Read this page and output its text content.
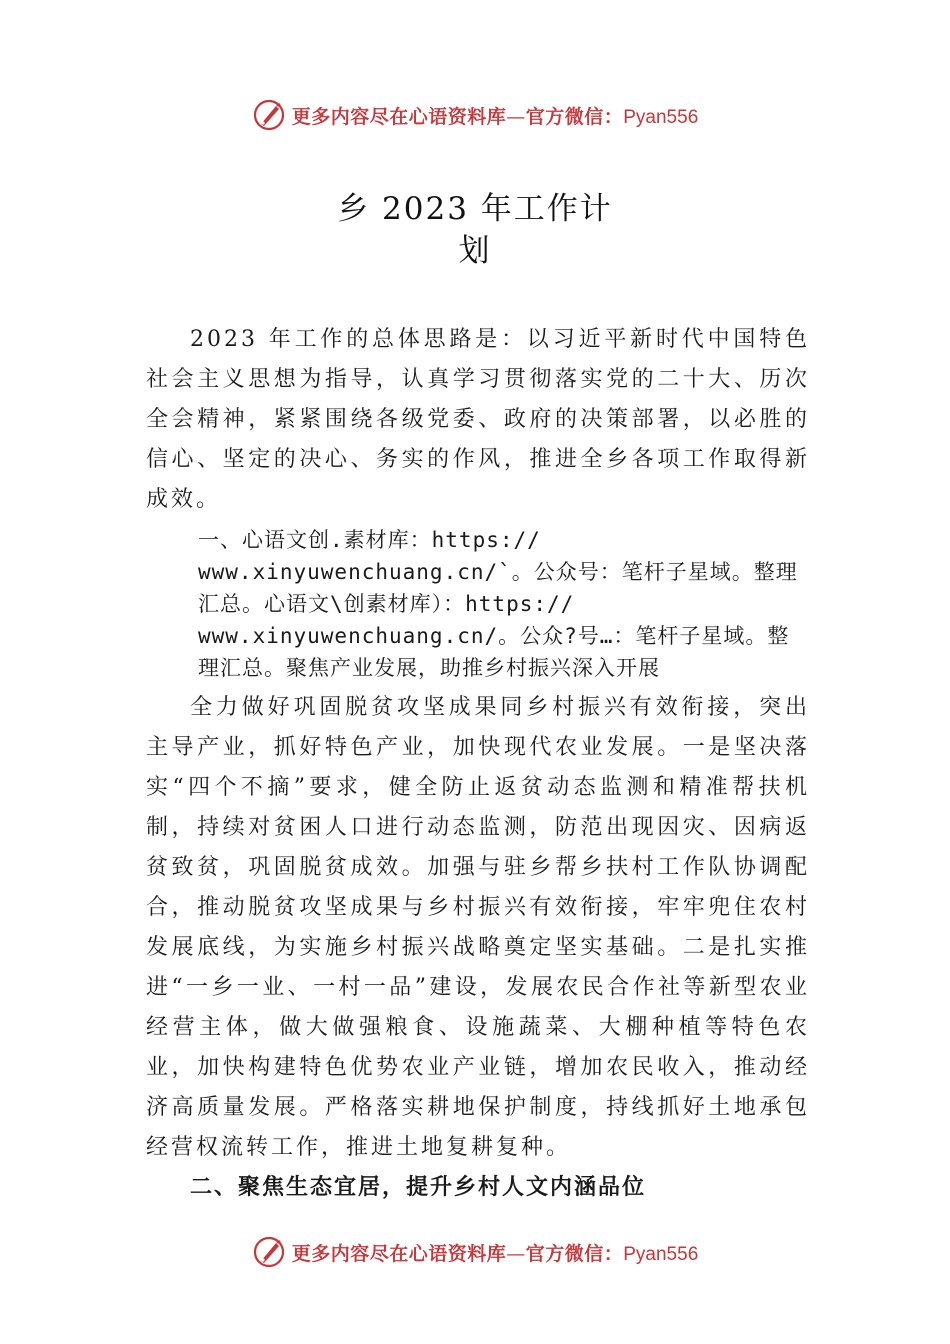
更多内容尽在心语资料库—官方微信：Pyan556
乡 2023 年工作计
划

2023 年工作的总体思路是：以习近平新时代中国特色社会主义思想为指导，认真学习贯彻落实党的二十大、历次全会精神，紧紧围绕各级党委、政府的决策部署，以必胜的信心、坚定的决心、务实的作风，推进全乡各项工作取得新成效。

一、心语文创.素材库：https://
www.xinyuwenchuang.cn/`。公众号：笔杆子星域。整理
汇总。心语文\创素材库）：https://
www.xinyuwenchuang.cn/。公众?号…：笔杆子星域。整
理汇总。聚焦产业发展，助推乡村振兴深入开展

全力做好巩固脱贫攻坚成果同乡村振兴有效衔接，突出主导产业，抓好特色产业，加快现代农业发展。一是坚决落实“四个不摘”要求，健全防止返贫动态监测和精准帮扶机制，持续对贫困人口进行动态监测，防范出现因灾、因病返贫致贫，巩固脱贫成效。加强与驻乡帮乡扶村工作队协调配合，推动脱贫攻坚成果与乡村振兴有效衔接，牢牢兜住农村发展底线，为实施乡村振兴战略奠定坚实基础。二是扎实推进“一乡一业、一村一品”建设，发展农民合作社等新型农业经营主体，做大做强粮食、设施蔬菜、大棚种植等特色农业，加快构建特色优势农业产业链，增加农民收入，推动经济高质量发展。严格落实耕地保护制度，持线抓好土地承包经营权流转工作，推进土地复耕复种。

二、聚焦生态宜居，提升乡村人文内涵品位

更多内容尽在心语资料库—官方微信：Pyan556
